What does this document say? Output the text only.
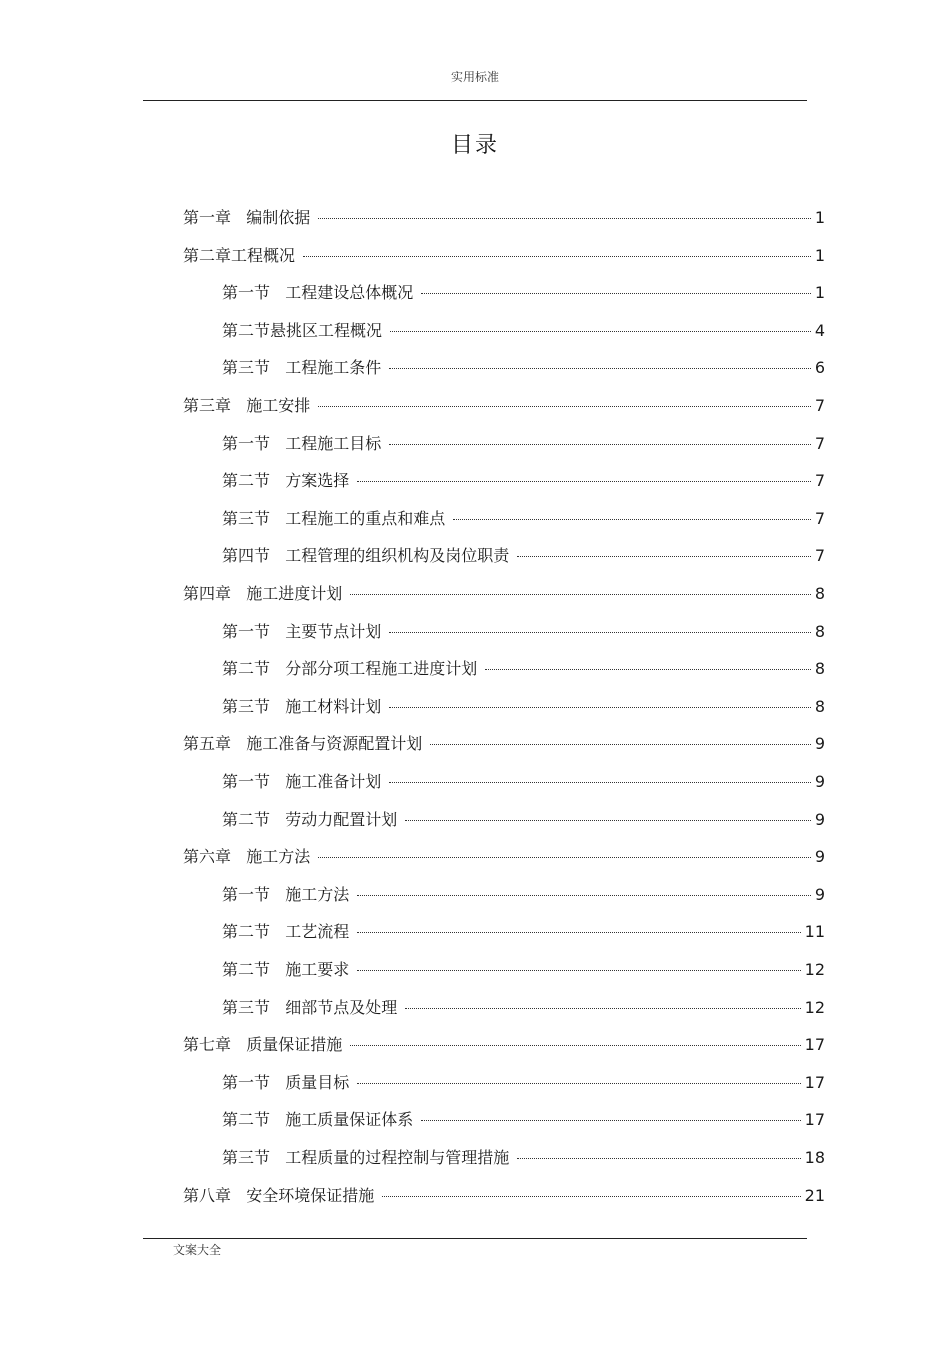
实用标准
目录
第一章   编制依据	1
第二章工程概况	1
第一节   工程建设总体概况	1
第二节悬挑区工程概况	4
第三节   工程施工条件	6
第三章   施工安排	7
第一节   工程施工目标	7
第二节   方案选择	7
第三节   工程施工的重点和难点	7
第四节   工程管理的组织机构及岗位职责	7
第四章   施工进度计划	8
第一节   主要节点计划	8
第二节   分部分项工程施工进度计划	8
第三节   施工材料计划	8
第五章   施工准备与资源配置计划	9
第一节   施工准备计划	9
第二节   劳动力配置计划	9
第六章   施工方法	9
第一节   施工方法	9
第二节   工艺流程	11
第二节   施工要求	12
第三节   细部节点及处理	12
第七章   质量保证措施	17
第一节   质量目标	17
第二节   施工质量保证体系	17
第三节   工程质量的过程控制与管理措施	18
第八章   安全环境保证措施	21
文案大全
